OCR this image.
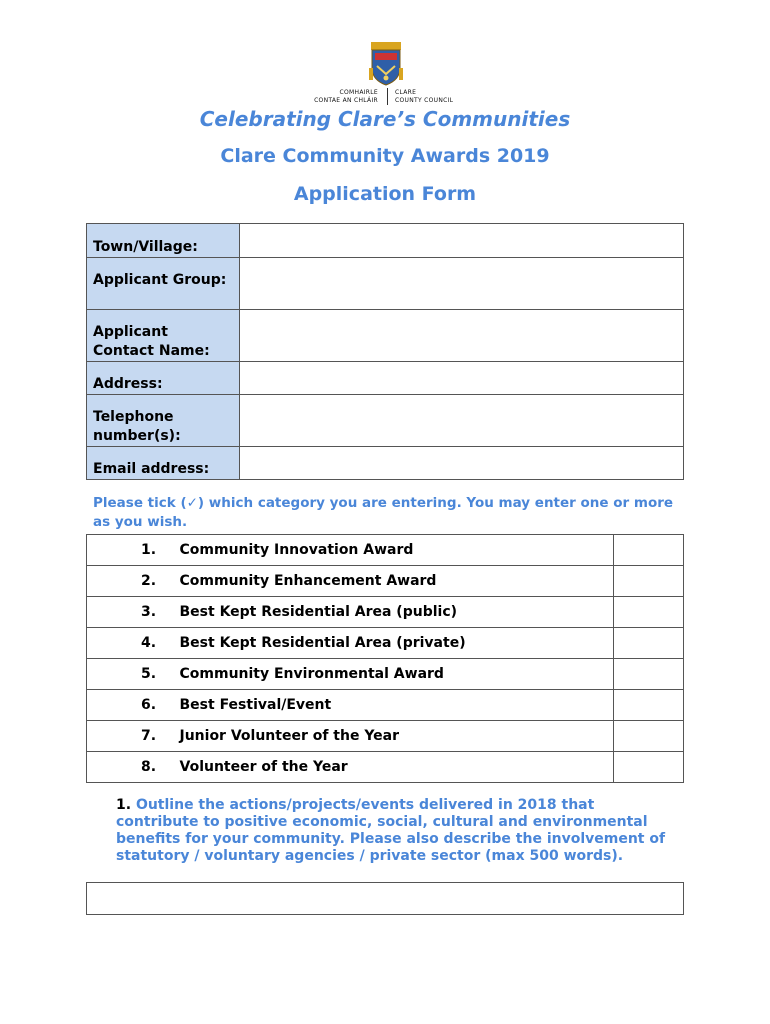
COMHAIRLE
CONTAE AN CHLÁIR
CLARE
COUNTY COUNCIL
Celebrating Clare’s Communities
Clare Community Awards 2019
Application Form
Town/Village:	
Applicant Group:	
Applicant Contact Name:	
Address:	
Telephone number(s):	
Email address:	
Please tick (✓) which category you are entering. You may enter one or more as you wish.
1.	Community Innovation Award	
2.	Community Enhancement Award	
3.	Best Kept Residential Area (public)	
4.	Best Kept Residential Area (private)	
5.	Community Environmental Award	
6.	Best Festival/Event	
7.	Junior Volunteer of the Year	
8.	Volunteer of the Year	
1. Outline the actions/projects/events delivered in 2018 that contribute to positive economic, social, cultural and environmental benefits for your community. Please also describe the involvement of statutory / voluntary agencies / private sector (max 500 words).
